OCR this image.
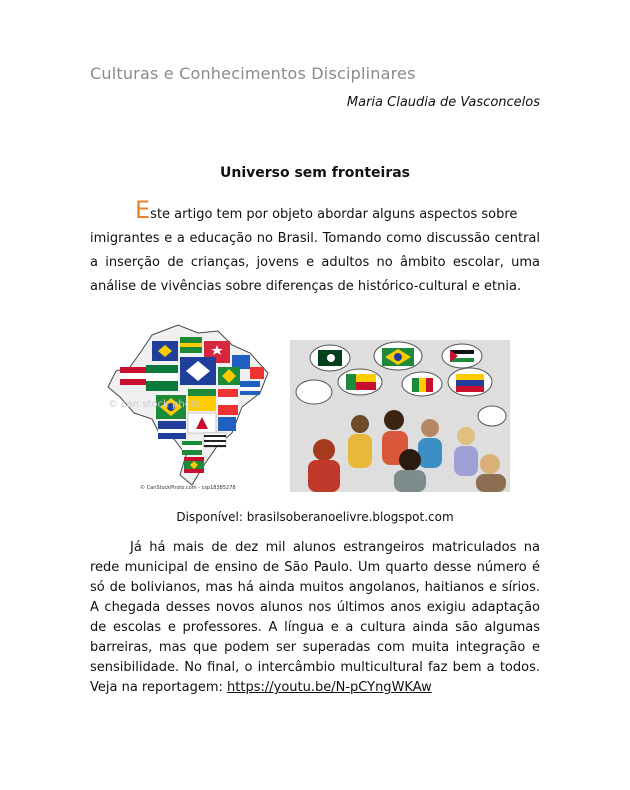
Culturas e Conhecimentos Disciplinares
Maria Claudia de Vasconcelos
Universo sem fronteiras

Este artigo tem por objeto abordar alguns aspectos sobre
imigrantes e a educação no Brasil. Tomando como discussão central a inserção de crianças, jovens e adultos no âmbito escolar, uma análise de vivências sobre diferenças de histórico-cultural e etnia.

© can stock photo
© CanStockPhoto.com - csp18385278
Disponível: brasilsoberanoelivre.blogspot.com

Já há mais de dez mil alunos estrangeiros matriculados na rede municipal de ensino de São Paulo. Um quarto desse número é só de bolivianos, mas há ainda muitos angolanos, haitianos e sírios. A chegada desses novos alunos nos últimos anos exigiu adaptação de escolas e professores. A língua e a cultura ainda são algumas barreiras, mas que podem ser superadas com muita integração e sensibilidade. No final, o intercâmbio multicultural faz bem a todos. Veja na reportagem: https://youtu.be/N-pCYngWKAw
